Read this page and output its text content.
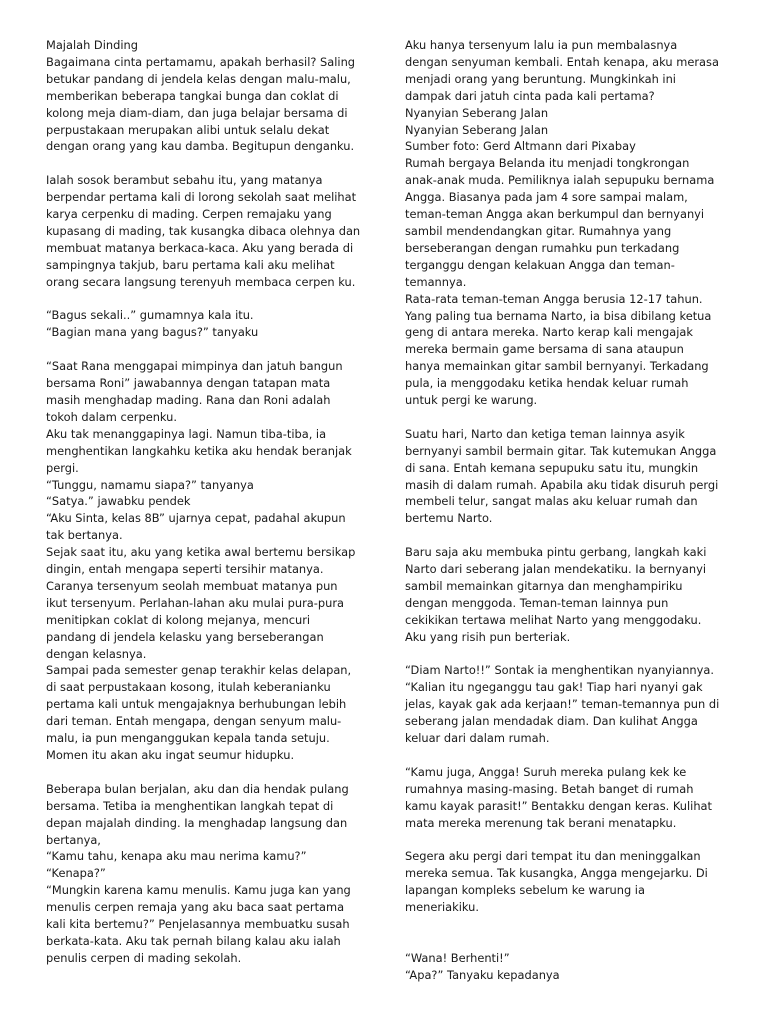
Majalah Dinding

Bagaimana cinta pertamamu, apakah berhasil? Saling
betukar pandang di jendela kelas dengan malu-malu,
memberikan beberapa tangkai bunga dan coklat di
kolong meja diam-diam, dan juga belajar bersama di
perpustakaan merupakan alibi untuk selalu dekat
dengan orang yang kau damba. Begitupun denganku.

Ialah sosok berambut sebahu itu, yang matanya
berpendar pertama kali di lorong sekolah saat melihat
karya cerpenku di mading. Cerpen remajaku yang
kupasang di mading, tak kusangka dibaca olehnya dan
membuat matanya berkaca-kaca. Aku yang berada di
sampingnya takjub, baru pertama kali aku melihat
orang secara langsung terenyuh membaca cerpen ku.

“Bagus sekali..” gumamnya kala itu.
“Bagian mana yang bagus?” tanyaku

“Saat Rana menggapai mimpinya dan jatuh bangun
bersama Roni” jawabannya dengan tatapan mata
masih menghadap mading. Rana dan Roni adalah
tokoh dalam cerpenku.
Aku tak menanggapinya lagi. Namun tiba-tiba, ia
menghentikan langkahku ketika aku hendak beranjak
pergi.
“Tunggu, namamu siapa?” tanyanya
“Satya.” jawabku pendek
“Aku Sinta, kelas 8B” ujarnya cepat, padahal akupun
tak bertanya.
Sejak saat itu, aku yang ketika awal bertemu bersikap
dingin, entah mengapa seperti tersihir matanya.
Caranya tersenyum seolah membuat matanya pun
ikut tersenyum. Perlahan-lahan aku mulai pura-pura
menitipkan coklat di kolong mejanya, mencuri
pandang di jendela kelasku yang berseberangan
dengan kelasnya.
Sampai pada semester genap terakhir kelas delapan,
di saat perpustakaan kosong, itulah keberanianku
pertama kali untuk mengajaknya berhubungan lebih
dari teman. Entah mengapa, dengan senyum malu-
malu, ia pun menganggukan kepala tanda setuju.
Momen itu akan aku ingat seumur hidupku.

Beberapa bulan berjalan, aku dan dia hendak pulang
bersama. Tetiba ia menghentikan langkah tepat di
depan majalah dinding. Ia menghadap langsung dan
bertanya,
“Kamu tahu, kenapa aku mau nerima kamu?”
“Kenapa?”
“Mungkin karena kamu menulis. Kamu juga kan yang
menulis cerpen remaja yang aku baca saat pertama
kali kita bertemu?” Penjelasannya membuatku susah
berkata-kata. Aku tak pernah bilang kalau aku ialah
penulis cerpen di mading sekolah.

Aku hanya tersenyum lalu ia pun membalasnya
dengan senyuman kembali. Entah kenapa, aku merasa
menjadi orang yang beruntung. Mungkinkah ini
dampak dari jatuh cinta pada kali pertama?

Nyanyian Seberang Jalan

Nyanyian Seberang Jalan

Sumber foto: Gerd Altmann dari Pixabay

Rumah bergaya Belanda itu menjadi tongkrongan
anak-anak muda. Pemiliknya ialah sepupuku bernama
Angga. Biasanya pada jam 4 sore sampai malam,
teman-teman Angga akan berkumpul dan bernyanyi
sambil mendendangkan gitar. Rumahnya yang
berseberangan dengan rumahku pun terkadang
terganggu dengan kelakuan Angga dan teman-
temannya.
Rata-rata teman-teman Angga berusia 12-17 tahun.
Yang paling tua bernama Narto, ia bisa dibilang ketua
geng di antara mereka. Narto kerap kali mengajak
mereka bermain game bersama di sana ataupun
hanya memainkan gitar sambil bernyanyi. Terkadang
pula, ia menggodaku ketika hendak keluar rumah
untuk pergi ke warung.

Suatu hari, Narto dan ketiga teman lainnya asyik
bernyanyi sambil bermain gitar. Tak kutemukan Angga
di sana. Entah kemana sepupuku satu itu, mungkin
masih di dalam rumah. Apabila aku tidak disuruh pergi
membeli telur, sangat malas aku keluar rumah dan
bertemu Narto.

Baru saja aku membuka pintu gerbang, langkah kaki
Narto dari seberang jalan mendekatiku. Ia bernyanyi
sambil memainkan gitarnya dan menghampiriku
dengan menggoda. Teman-teman lainnya pun
cekikikan tertawa melihat Narto yang menggodaku.
Aku yang risih pun berteriak.

“Diam Narto!!” Sontak ia menghentikan nyanyiannya.
“Kalian itu ngeganggu tau gak! Tiap hari nyanyi gak
jelas, kayak gak ada kerjaan!” teman-temannya pun di
seberang jalan mendadak diam. Dan kulihat Angga
keluar dari dalam rumah.

“Kamu juga, Angga! Suruh mereka pulang kek ke
rumahnya masing-masing. Betah banget di rumah
kamu kayak parasit!” Bentakku dengan keras. Kulihat
mata mereka merenung tak berani menatapku.

Segera aku pergi dari tempat itu dan meninggalkan
mereka semua. Tak kusangka, Angga mengejarku. Di
lapangan kompleks sebelum ke warung ia
meneriakiku.

“Wana! Berhenti!”
“Apa?” Tanyaku kepadanya
